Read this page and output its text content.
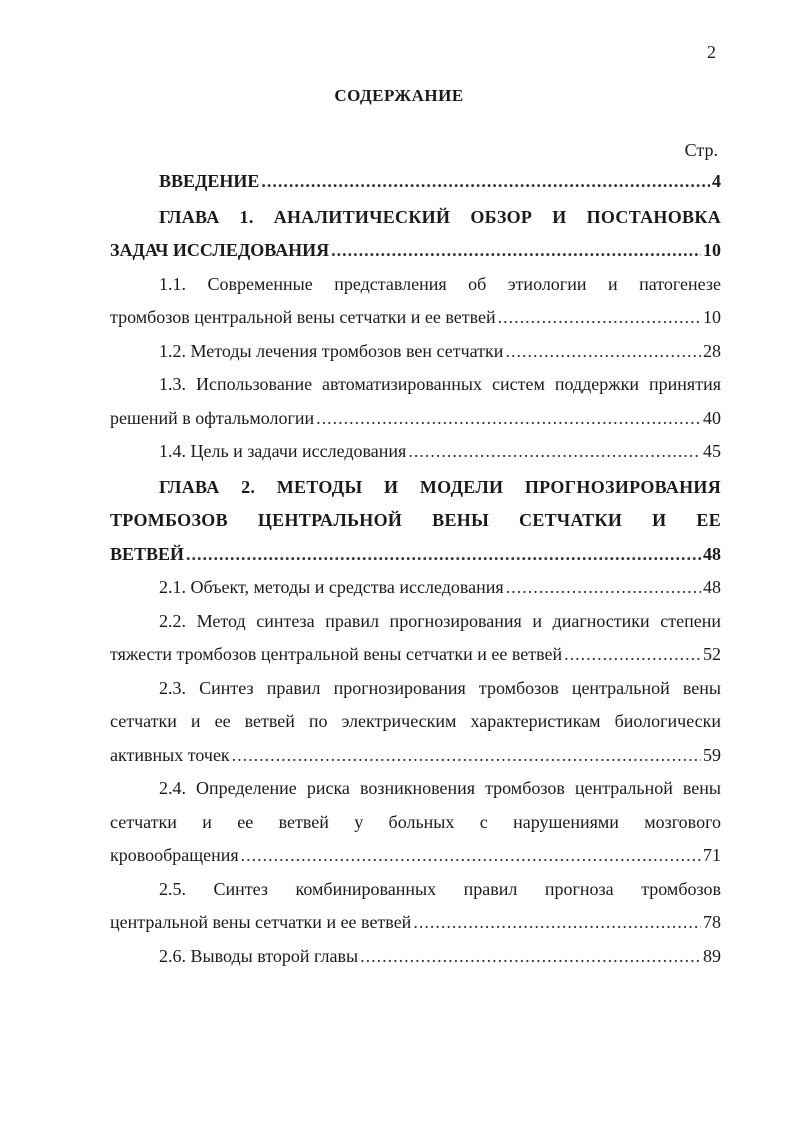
2
СОДЕРЖАНИЕ
Стр.
ВВЕДЕНИЕ .....	4
ГЛАВА 1. АНАЛИТИЧЕСКИЙ ОБЗОР И ПОСТАНОВКА
ЗАДАЧ ИССЛЕДОВАНИЯ .....	10
1.1. Современные представления об этиологии и патогенезе
тромбозов центральной вены сетчатки и ее ветвей .....	10
1.2. Методы лечения тромбозов вен сетчатки .....	28
1.3. Использование автоматизированных систем поддержки принятия
решений в офтальмологии .....	40
1.4. Цель и задачи исследования .....	45
ГЛАВА 2. МЕТОДЫ И МОДЕЛИ ПРОГНОЗИРОВАНИЯ
ТРОМБОЗОВ ЦЕНТРАЛЬНОЙ ВЕНЫ СЕТЧАТКИ И ЕЕ
ВЕТВЕЙ .....	48
2.1. Объект, методы и средства исследования .....	48
2.2. Метод синтеза правил прогнозирования и диагностики степени
тяжести тромбозов центральной вены сетчатки и ее ветвей .....	52
2.3. Синтез правил прогнозирования тромбозов центральной вены
сетчатки и ее ветвей по электрическим характеристикам биологически
активных точек .....	59
2.4. Определение риска возникновения тромбозов центральной вены
сетчатки и ее ветвей у больных с нарушениями мозгового
кровообращения .....	71
2.5. Синтез комбинированных правил прогноза тромбозов
центральной вены сетчатки и ее ветвей .....	78
2.6. Выводы второй главы .....	89
